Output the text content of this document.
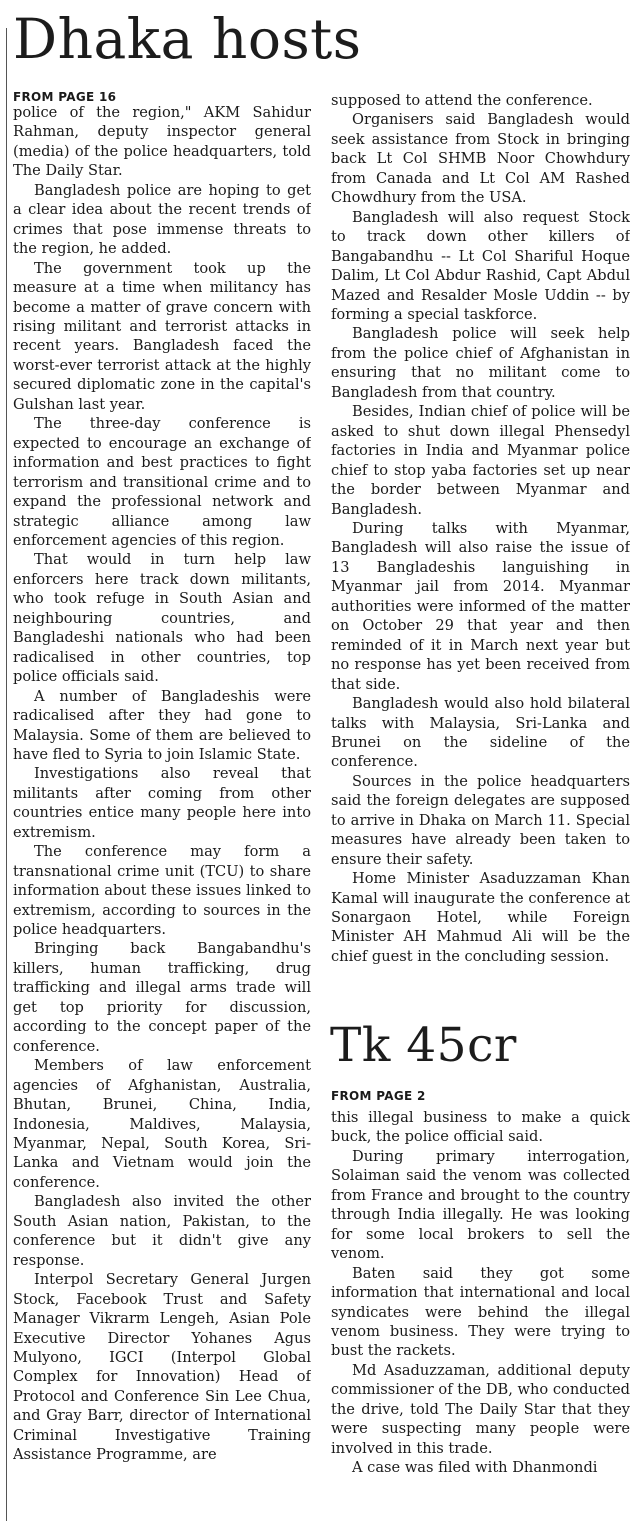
Dhaka hosts
FROM PAGE 16

police of the region," AKM Sahidur Rahman, deputy inspector general (media) of the police headquarters, told The Daily Star.

Bangladesh police are hoping to get a clear idea about the recent trends of crimes that pose immense threats to the region, he added.

The government took up the measure at a time when militancy has become a matter of grave concern with rising militant and terrorist attacks in recent years. Bangladesh faced the worst-ever terrorist attack at the highly secured diplomatic zone in the capital's Gulshan last year.

The three-day conference is expected to encourage an exchange of information and best practices to fight terrorism and transitional crime and to expand the professional network and strategic alliance among law enforcement agencies of this region.

That would in turn help law enforcers here track down militants, who took refuge in South Asian and neighbouring countries, and Bangladeshi nationals who had been radicalised in other countries, top police officials said.

A number of Bangladeshis were radicalised after they had gone to Malaysia. Some of them are believed to have fled to Syria to join Islamic State.

Investigations also reveal that militants after coming from other countries entice many people here into extremism.

The conference may form a transnational crime unit (TCU) to share information about these issues linked to extremism, according to sources in the police headquarters.

Bringing back Bangabandhu's killers, human trafficking, drug trafficking and illegal arms trade will get top priority for discussion, according to the concept paper of the conference.

Members of law enforcement agencies of Afghanistan, Australia, Bhutan, Brunei, China, India, Indonesia, Maldives, Malaysia, Myanmar, Nepal, South Korea, Sri-Lanka and Vietnam would join the conference.

Bangladesh also invited the other South Asian nation, Pakistan, to the conference but it didn't give any response.

Interpol Secretary General Jurgen Stock, Facebook Trust and Safety Manager Vikrarm Lengeh, Asian Pole Executive Director Yohanes Agus Mulyono, IGCI (Interpol Global Complex for Innovation) Head of Protocol and Conference Sin Lee Chua, and Gray Barr, director of International Criminal Investigative Training Assistance Programme, are

supposed to attend the conference.

Organisers said Bangladesh would seek assistance from Stock in bringing back Lt Col SHMB Noor Chowhdury from Canada and Lt Col AM Rashed Chowdhury from the USA.

Bangladesh will also request Stock to track down other killers of Bangabandhu -- Lt Col Shariful Hoque Dalim, Lt Col Abdur Rashid, Capt Abdul Mazed and Resalder Mosle Uddin -- by forming a special taskforce.

Bangladesh police will seek help from the police chief of Afghanistan in ensuring that no militant come to Bangladesh from that country.

Besides, Indian chief of police will be asked to shut down illegal Phensedyl factories in India and Myanmar police chief to stop yaba factories set up near the border between Myanmar and Bangladesh.

During talks with Myanmar, Bangladesh will also raise the issue of 13 Bangladeshis languishing in Myanmar jail from 2014. Myanmar authorities were informed of the matter on October 29 that year and then reminded of it in March next year but no response has yet been received from that side.

Bangladesh would also hold bilateral talks with Malaysia, Sri-Lanka and Brunei on the sideline of the conference.

Sources in the police headquarters said the foreign delegates are supposed to arrive in Dhaka on March 11. Special measures have already been taken to ensure their safety.

Home Minister Asaduzzaman Khan Kamal will inaugurate the conference at Sonargaon Hotel, while Foreign Minister AH Mahmud Ali will be the chief guest in the concluding session.

Tk 45cr
FROM PAGE 2

this illegal business to make a quick buck, the police official said.

During primary interrogation, Solaiman said the venom was collected from France and brought to the country through India illegally. He was looking for some local brokers to sell the venom.

Baten said they got some information that international and local syndicates were behind the illegal venom business. They were trying to bust the rackets.

Md Asaduzzaman, additional deputy commissioner of the DB, who conducted the drive, told The Daily Star that they were suspecting many people were involved in this trade.

A case was filed with Dhanmondi
